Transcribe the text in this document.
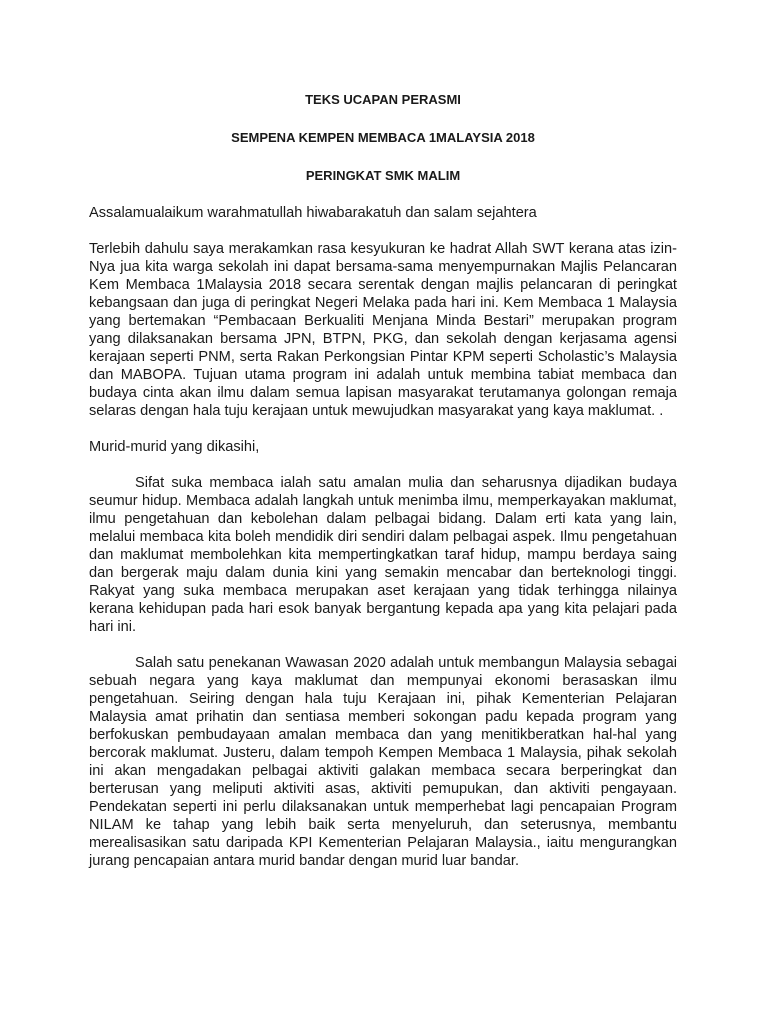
TEKS UCAPAN PERASMI

SEMPENA KEMPEN MEMBACA 1MALAYSIA 2018

PERINGKAT SMK MALIM

Assalamualaikum warahmatullah hiwabarakatuh dan salam sejahtera

Terlebih dahulu saya merakamkan rasa kesyukuran ke hadrat Allah SWT kerana atas izin-Nya jua kita warga sekolah ini dapat bersama-sama menyempurnakan Majlis Pelancaran Kem Membaca 1Malaysia 2018 secara serentak dengan majlis pelancaran di peringkat kebangsaan dan juga di peringkat Negeri Melaka pada hari ini. Kem Membaca 1 Malaysia yang bertemakan “Pembacaan Berkualiti Menjana Minda Bestari” merupakan program yang dilaksanakan bersama JPN, BTPN, PKG, dan sekolah dengan kerjasama agensi kerajaan seperti PNM, serta Rakan Perkongsian Pintar KPM seperti Scholastic’s Malaysia dan MABOPA. Tujuan utama program ini adalah untuk membina tabiat membaca dan budaya cinta akan ilmu dalam semua lapisan masyarakat terutamanya golongan remaja selaras dengan hala tuju kerajaan untuk mewujudkan masyarakat yang kaya maklumat. .

Murid-murid yang dikasihi,

Sifat suka membaca ialah satu amalan mulia dan seharusnya dijadikan budaya seumur hidup. Membaca adalah langkah untuk menimba ilmu, memperkayakan maklumat, ilmu pengetahuan dan kebolehan dalam pelbagai bidang. Dalam erti kata yang lain, melalui membaca kita boleh mendidik diri sendiri dalam pelbagai aspek. Ilmu pengetahuan dan maklumat membolehkan kita mempertingkatkan taraf hidup, mampu berdaya saing dan bergerak maju dalam dunia kini yang semakin mencabar dan berteknologi tinggi. Rakyat yang suka membaca merupakan aset kerajaan yang tidak terhingga nilainya kerana kehidupan pada hari esok banyak bergantung kepada apa yang kita pelajari pada hari ini.

Salah satu penekanan Wawasan 2020 adalah untuk membangun Malaysia sebagai sebuah negara yang kaya maklumat dan mempunyai ekonomi berasaskan ilmu pengetahuan. Seiring dengan hala tuju Kerajaan ini, pihak Kementerian Pelajaran Malaysia amat prihatin dan sentiasa memberi sokongan padu kepada program yang berfokuskan pembudayaan amalan membaca dan yang menitikberatkan hal-hal yang bercorak maklumat. Justeru, dalam tempoh Kempen Membaca 1 Malaysia, pihak sekolah ini akan mengadakan pelbagai aktiviti galakan membaca secara berperingkat dan berterusan yang meliputi aktiviti asas, aktiviti pemupukan, dan aktiviti pengayaan. Pendekatan seperti ini perlu dilaksanakan untuk memperhebat lagi pencapaian Program NILAM ke tahap yang lebih baik serta menyeluruh, dan seterusnya, membantu merealisasikan satu daripada KPI Kementerian Pelajaran Malaysia., iaitu mengurangkan jurang pencapaian antara murid bandar dengan murid luar bandar.
